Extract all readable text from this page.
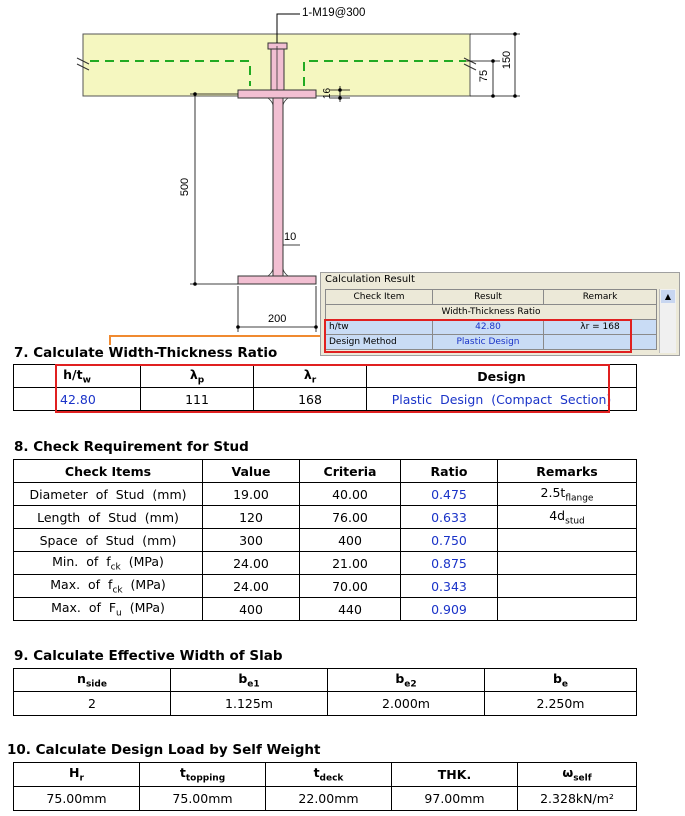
1-M19@300
150
75
16
500
10
200
Calculation Result
Check Item	Result	Remark
Width-Thickness Ratio		
h/tw	42.80	λr = 168
Design Method	Plastic Design	
▲
7. Calculate Width-Thickness Ratio
$h/t_w$	$\lambda_p$	$\lambda_r$	Design
42.80	111	168	Plastic  Design  (Compact  Section)
8. Check Requirement for Stud
Check Items	Value	Criteria	Ratio	Remarks
Diameter  of  Stud  (mm)	19.00	40.00	0.475	$2.5t_{flange}$
Length  of  Stud  (mm)	120	76.00	0.633	$4d_{stud}$
Space  of  Stud  (mm)	300	400	0.750	
Min.  of  $f_{ck}$  (MPa)	24.00	21.00	0.875	
Max.  of  $f_{ck}$  (MPa)	24.00	70.00	0.343	
Max.  of  $F_u$  (MPa)	400	440	0.909	
9. Calculate Effective Width of Slab
$n_{side}$	$b_{e1}$	$b_{e2}$	$b_e$
2	1.125m	2.000m	2.250m
10. Calculate Design Load by Self Weight
$H_r$	$t_{topping}$	$t_{deck}$	THK.	$\omega_{self}$
75.00mm	75.00mm	22.00mm	97.00mm	2.328kN/m²
